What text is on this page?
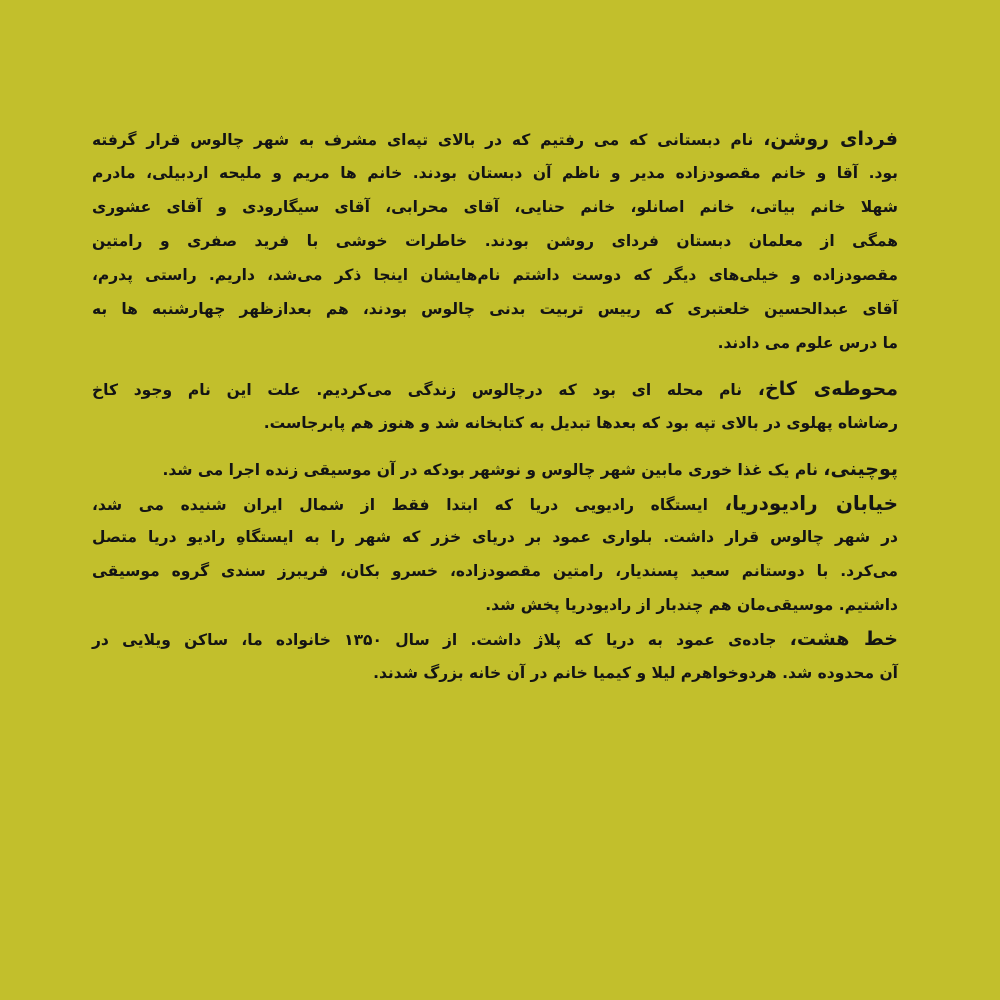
فردای روشن، نام دبستانی که می رفتیم که در بالای تپه‌ای مشرف به شهر چالوس قرار گرفته
بود. آقا و خانم مقصودزاده مدیر و ناظم آن دبستان بودند. خانم ها مریم و ملیحه اردبیلی، مادرم
شهلا خانم بیاتی، خانم اصانلو، خانم حنایی، آقای محرابی، آقای سیگارودی و آقای عشوری
همگی از معلمان دبستان فردای روشن بودند. خاطرات خوشی با فرید صفری و رامتین
مقصودزاده و خیلی‌های دیگر که دوست داشتم نام‌هایشان اینجا ذکر می‌شد، داریم. راستی پدرم،
آقای عبدالحسین خلعتبری که رییس تربیت بدنی چالوس بودند، هم بعدازظهر چهارشنبه ها به
ما درس علوم می دادند.
محوطه‌ی کاخ، نام محله ای بود که درچالوس زندگی می‌کردیم. علت این نام وجود کاخ
رضاشاه پهلوی در بالای تپه بود که بعدها تبدیل به کتابخانه شد و هنوز هم پابرجاست.
پوچینی، نام یک غذا خوری مابین شهر چالوس و نوشهر بودکه در آن موسیقی زنده اجرا می شد.
خیابان رادیودریا، ایستگاه رادیویی دریا که ابتدا فقط از شمال ایران شنیده می شد،
در شهر چالوس قرار داشت. بلواری عمود بر دریای خزر که شهر را به ایستگاهِ رادیو دریا متصل
می‌کرد. با دوستانم سعید پسندیار، رامتین مقصودزاده، خسرو بکان، فریبرز سندی گروه موسیقی
داشتیم. موسیقی‌مان هم چندبار از رادیودریا پخش شد.
خط هشت، جاده‌ی عمود به دریا که پلاژ داشت. از سال ۱۳۵۰ خانواده ما، ساکن ویلایی در
آن محدوده شد. هردوخواهرم لیلا و کیمیا خانم در آن خانه بزرگ شدند.
